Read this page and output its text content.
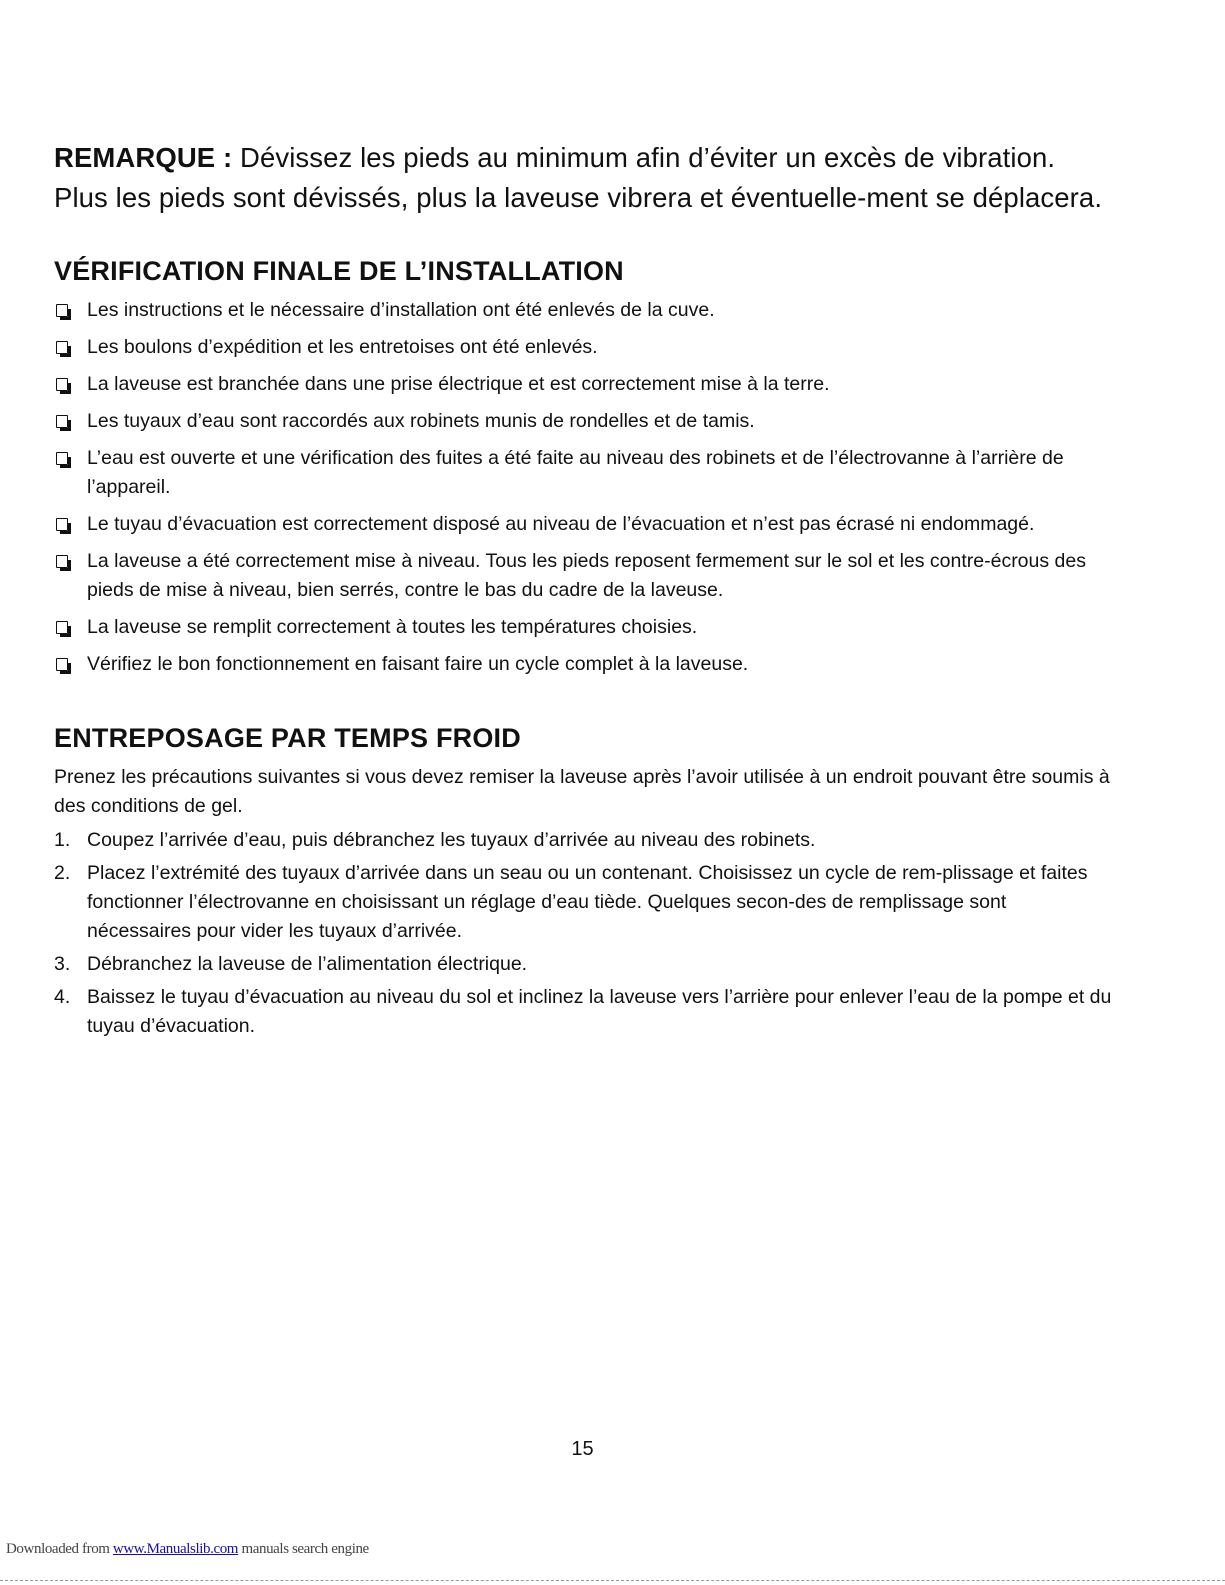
REMARQUE : Dévissez les pieds au minimum afin d’éviter un excès de vibration. Plus les pieds sont dévissés, plus la laveuse vibrera et éventuelle-ment se déplacera.

VÉRIFICATION FINALE DE L’INSTALLATION
Les instructions et le nécessaire d’installation ont été enlevés de la cuve.
Les boulons d’expédition et les entretoises ont été enlevés.
La laveuse est branchée dans une prise électrique et est correctement mise à la terre.
Les tuyaux d’eau sont raccordés aux robinets munis de rondelles et de tamis.
L’eau est ouverte et une vérification des fuites a été faite au niveau des robinets et de l’électrovanne à l’arrière de l’appareil.
Le tuyau d’évacuation est correctement disposé au niveau de l’évacuation et n’est pas écrasé ni endommagé.
La laveuse a été correctement mise à niveau. Tous les pieds reposent fermement sur le sol et les contre-écrous des pieds de mise à niveau, bien serrés, contre le bas du cadre de la laveuse.
La laveuse se remplit correctement à toutes les températures choisies.
Vérifiez le bon fonctionnement en faisant faire un cycle complet à la laveuse.
ENTREPOSAGE PAR TEMPS FROID

Prenez les précautions suivantes si vous devez remiser la laveuse après l’avoir utilisée à un endroit pouvant être soumis à des conditions de gel.

1. Coupez l’arrivée d’eau, puis débranchez les tuyaux d’arrivée au niveau des robinets.
2. Placez l’extrémité des tuyaux d’arrivée dans un seau ou un contenant. Choisissez un cycle de rem-plissage et faites fonctionner l’électrovanne en choisissant un réglage d’eau tiède. Quelques secon-des de remplissage sont nécessaires pour vider les tuyaux d’arrivée.
3. Débranchez la laveuse de l’alimentation électrique.
4. Baissez le tuyau d’évacuation au niveau du sol et inclinez la laveuse vers l’arrière pour enlever l’eau de la pompe et du tuyau d’évacuation.
15
Downloaded from www.Manualslib.com manuals search engine
